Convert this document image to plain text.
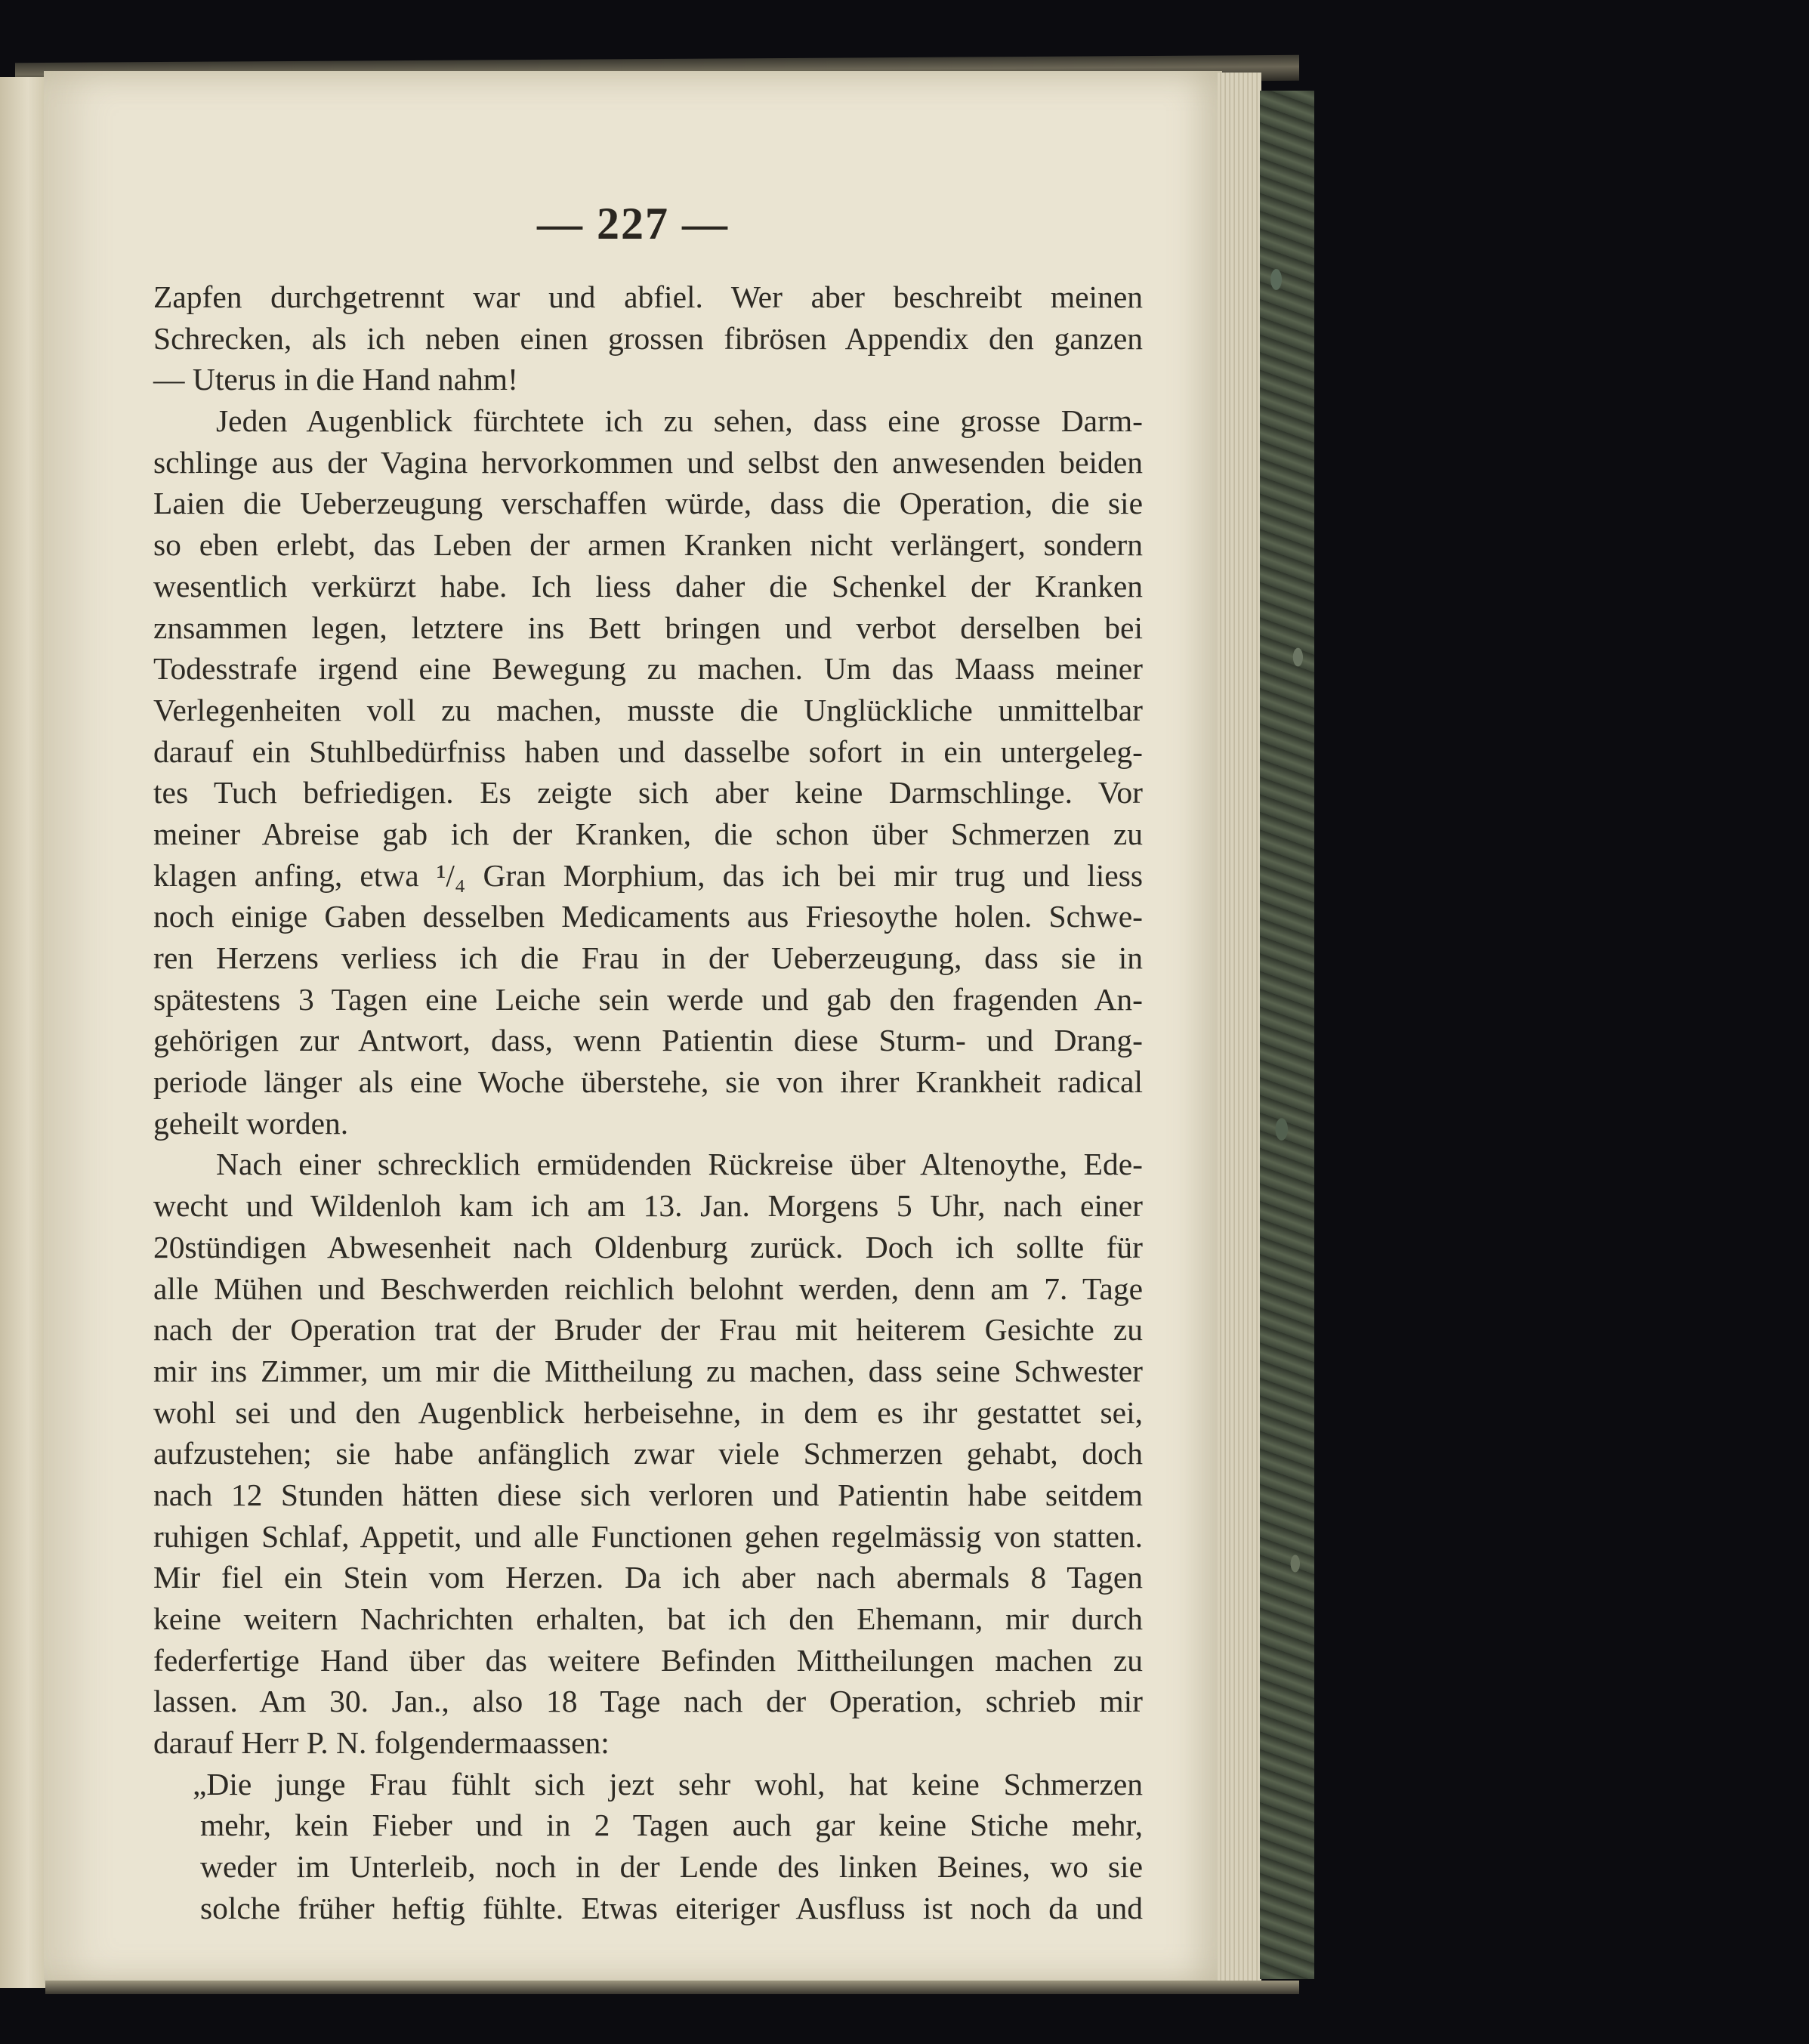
— 227 —
Zapfen durchgetrennt war und abfiel. Wer aber beschreibt meinen
Schrecken, als ich neben einen grossen fibrösen Appendix den ganzen
— Uterus in die Hand nahm!
Jeden Augenblick fürchtete ich zu sehen, dass eine grosse Darm-
schlinge aus der Vagina hervorkommen und selbst den anwesenden beiden
Laien die Ueberzeugung verschaffen würde, dass die Operation, die sie
so eben erlebt, das Leben der armen Kranken nicht verlängert, sondern
wesentlich verkürzt habe. Ich liess daher die Schenkel der Kranken
znsammen legen, letztere ins Bett bringen und verbot derselben bei
Todesstrafe irgend eine Bewegung zu machen. Um das Maass meiner
Verlegenheiten voll zu machen, musste die Unglückliche unmittelbar
darauf ein Stuhlbedürfniss haben und dasselbe sofort in ein untergeleg-
tes Tuch befriedigen. Es zeigte sich aber keine Darmschlinge. Vor
meiner Abreise gab ich der Kranken, die schon über Schmerzen zu
klagen anfing, etwa ¹/₄ Gran Morphium, das ich bei mir trug und liess
noch einige Gaben desselben Medicaments aus Friesoythe holen. Schwe-
ren Herzens verliess ich die Frau in der Ueberzeugung, dass sie in
spätestens 3 Tagen eine Leiche sein werde und gab den fragenden An-
gehörigen zur Antwort, dass, wenn Patientin diese Sturm- und Drang-
periode länger als eine Woche überstehe, sie von ihrer Krankheit radical
geheilt worden.
Nach einer schrecklich ermüdenden Rückreise über Altenoythe, Ede-
wecht und Wildenloh kam ich am 13. Jan. Morgens 5 Uhr, nach einer
20stündigen Abwesenheit nach Oldenburg zurück. Doch ich sollte für
alle Mühen und Beschwerden reichlich belohnt werden, denn am 7. Tage
nach der Operation trat der Bruder der Frau mit heiterem Gesichte zu
mir ins Zimmer, um mir die Mittheilung zu machen, dass seine Schwester
wohl sei und den Augenblick herbeisehne, in dem es ihr gestattet sei,
aufzustehen; sie habe anfänglich zwar viele Schmerzen gehabt, doch
nach 12 Stunden hätten diese sich verloren und Patientin habe seitdem
ruhigen Schlaf, Appetit, und alle Functionen gehen regelmässig von statten.
Mir fiel ein Stein vom Herzen. Da ich aber nach abermals 8 Tagen
keine weitern Nachrichten erhalten, bat ich den Ehemann, mir durch
federfertige Hand über das weitere Befinden Mittheilungen machen zu
lassen. Am 30. Jan., also 18 Tage nach der Operation, schrieb mir
darauf Herr P. N. folgendermaassen:
„Die junge Frau fühlt sich jezt sehr wohl, hat keine Schmerzen
mehr, kein Fieber und in 2 Tagen auch gar keine Stiche mehr,
weder im Unterleib, noch in der Lende des linken Beines, wo sie
solche früher heftig fühlte. Etwas eiteriger Ausfluss ist noch da und
